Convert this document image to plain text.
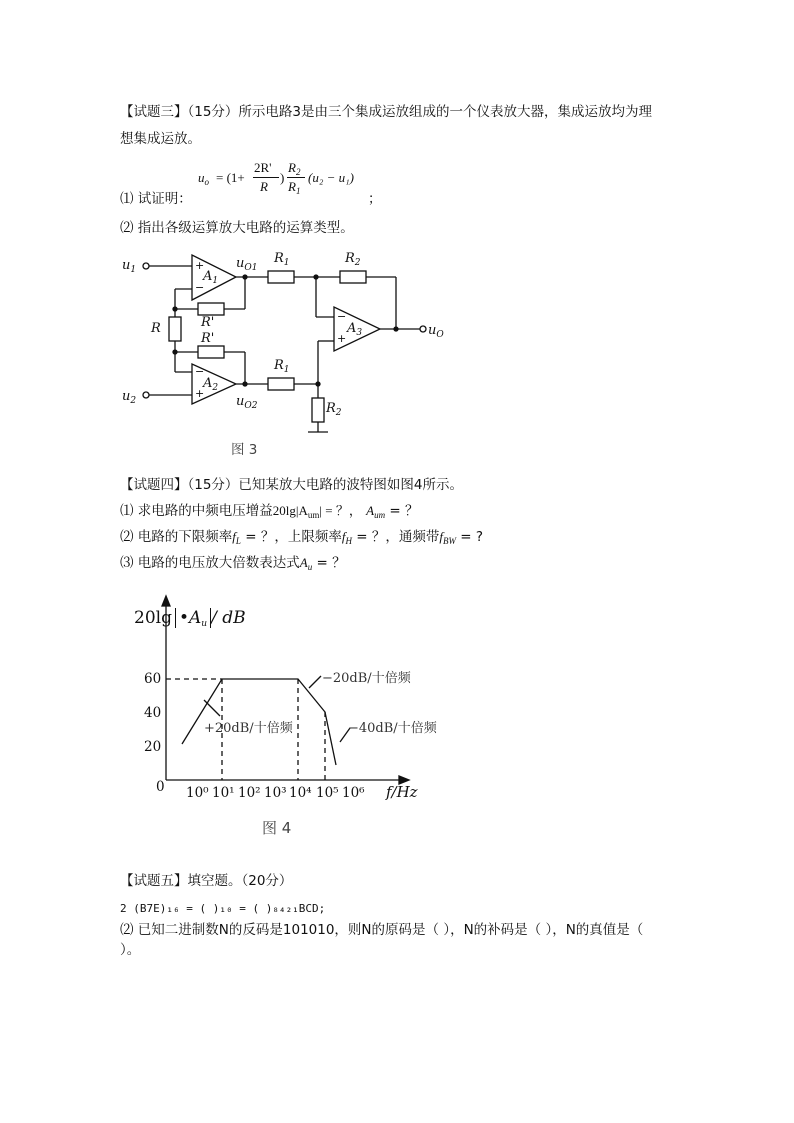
【试题三】（15分）所示电路3是由三个集成运放组成的一个仪表放大器，集成运放均为理
想集成运放。
$u_o = (1+$
2R'
R
)
$R_2$
$R_1$
(u₂ − u₁)
⑴ 试证明：	；
⑵ 指出各级运算放大电路的运算类型。
$u_1$
$u_2$
$u_{O1}$
$u_{O2}$
$u_O$
$A_1$
$A_2$
$A_3$
+
−
−
+
−
+
R	R'
R'
$R_1$
$R_1$
$R_2$
$R_2$
图 3
【试题四】（15分）已知某放大电路的波特图如图4所示。
⑴ 求电路的中频电压增益$20\lg|A_{um}|$ = ？， $A_{um}$ = ？
⑵ 电路的下限频率$f_L$ = ？，上限频率$f_H$ = ？，通频带$f_{BW}$ = ?
⑶ 电路的电压放大倍数表达式$A_u$ = ？
20lg $•A_u$ / dB
60
40
20
0 10⁰ 10¹ 10² 10³ 10⁴ 10⁵ 10⁶ f/Hz
−20dB/十倍频
+20dB/十倍频	−40dB/十倍频
图 4
【试题五】填空题。（20分）
2 (B7E)₁₆ = ( )₁₀ = ( )₈₄₂₁BCD;
⑵ 已知二进制数N的反码是101010，则N的原码是（ ），N的补码是（ ），N的真值是（
）。
